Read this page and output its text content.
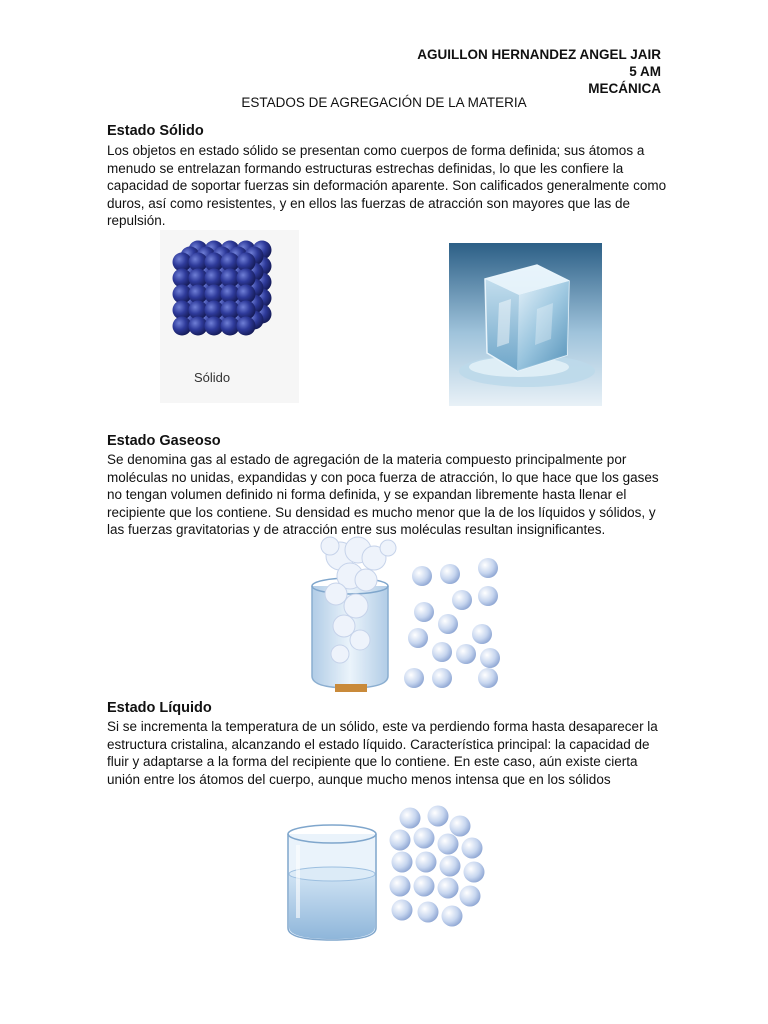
AGUILLON HERNANDEZ ANGEL JAIR
5 AM
MECÁNICA
ESTADOS DE AGREGACIÓN DE LA MATERIA
Estado Sólido
Los objetos en estado sólido se presentan como cuerpos de forma definida; sus átomos a menudo se entrelazan formando estructuras estrechas definidas, lo que les confiere la capacidad de soportar fuerzas sin deformación aparente. Son calificados generalmente como duros, así como resistentes, y en ellos las fuerzas de atracción son mayores que las de repulsión.
Sólido
Estado Gaseoso
Se denomina gas al estado de agregación de la materia compuesto principalmente por moléculas no unidas, expandidas y con poca fuerza de atracción, lo que hace que los gases no tengan volumen definido ni forma definida, y se expandan libremente hasta llenar el recipiente que los contiene. Su densidad es mucho menor que la de los líquidos y sólidos, y las fuerzas gravitatorias y de atracción entre sus moléculas resultan insignificantes.
Estado Líquido
Si se incrementa la temperatura de un sólido, este va perdiendo forma hasta desaparecer la estructura cristalina, alcanzando el estado líquido. Característica principal: la capacidad de fluir y adaptarse a la forma del recipiente que lo contiene. En este caso, aún existe cierta unión entre los átomos del cuerpo, aunque mucho menos intensa que en los sólidos
